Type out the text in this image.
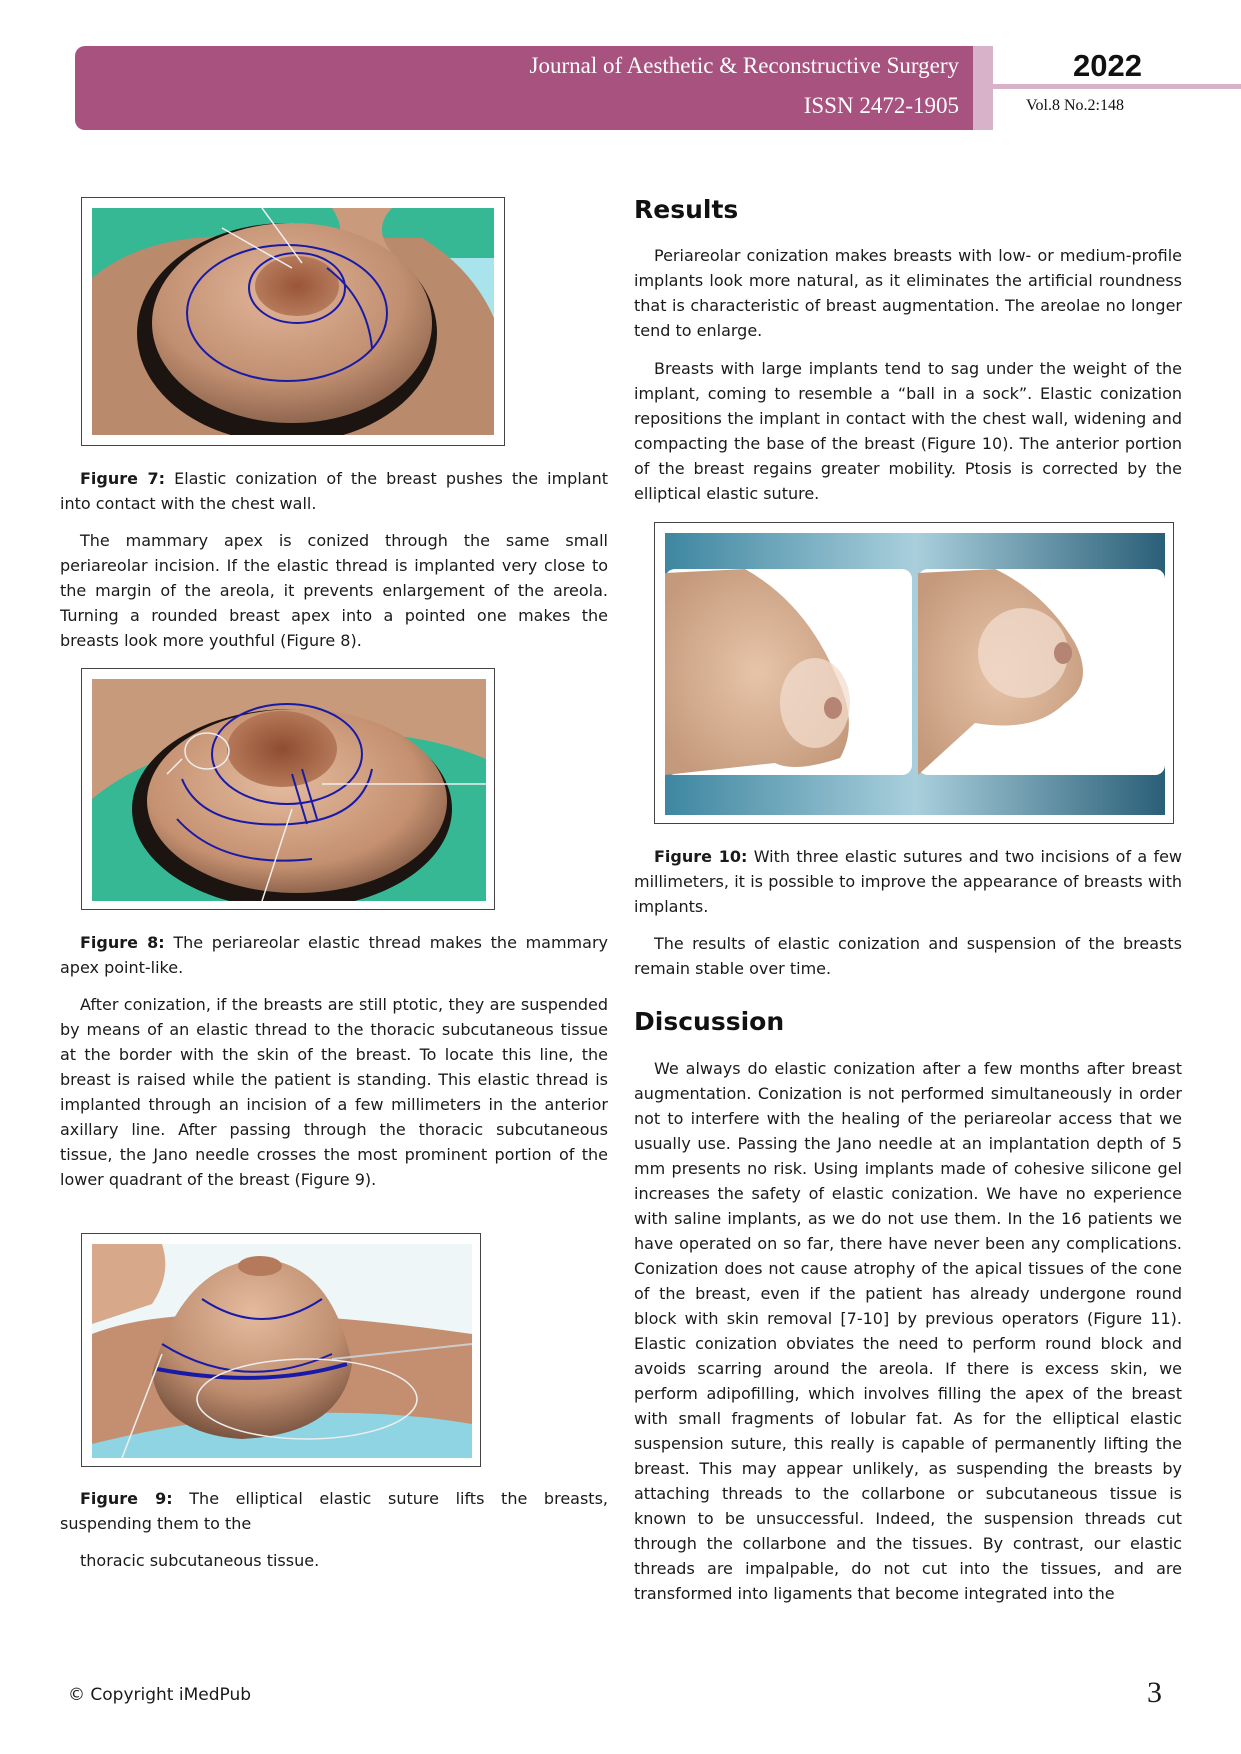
Journal of Aesthetic & Reconstructive Surgery
ISSN 2472-1905
2022
Vol.8 No.2:148

Figure 7: Elastic conization of the breast pushes the implant into contact with the chest wall.

The mammary apex is conized through the same small periareolar incision. If the elastic thread is implanted very close to the margin of the areola, it prevents enlargement of the areola. Turning a rounded breast apex into a pointed one makes the breasts look more youthful (Figure 8).

Figure 8: The periareolar elastic thread makes the mammary apex point-like.

After conization, if the breasts are still ptotic, they are suspended by means of an elastic thread to the thoracic subcutaneous tissue at the border with the skin of the breast. To locate this line, the breast is raised while the patient is standing. This elastic thread is implanted through an incision of a few millimeters in the anterior axillary line. After passing through the thoracic subcutaneous tissue, the Jano needle crosses the most prominent portion of the lower quadrant of the breast (Figure 9).

Figure 9: The elliptical elastic suture lifts the breasts, suspending them to the

thoracic subcutaneous tissue.

Results

Periareolar conization makes breasts with low- or medium-profile implants look more natural, as it eliminates the artificial roundness that is characteristic of breast augmentation. The areolae no longer tend to enlarge.

Breasts with large implants tend to sag under the weight of the implant, coming to resemble a “ball in a sock”. Elastic conization repositions the implant in contact with the chest wall, widening and compacting the base of the breast (Figure 10). The anterior portion of the breast regains greater mobility. Ptosis is corrected by the elliptical elastic suture.

Figure 10: With three elastic sutures and two incisions of a few millimeters, it is possible to improve the appearance of breasts with implants.

The results of elastic conization and suspension of the breasts remain stable over time.

Discussion

We always do elastic conization after a few months after breast augmentation. Conization is not performed simultaneously in order not to interfere with the healing of the periareolar access that we usually use. Passing the Jano needle at an implantation depth of 5 mm presents no risk. Using implants made of cohesive silicone gel increases the safety of elastic conization. We have no experience with saline implants, as we do not use them. In the 16 patients we have operated on so far, there have never been any complications. Conization does not cause atrophy of the apical tissues of the cone of the breast, even if the patient has already undergone round block with skin removal [7-10] by previous operators (Figure 11). Elastic conization obviates the need to perform round block and avoids scarring around the areola. If there is excess skin, we perform adipofilling, which involves filling the apex of the breast with small fragments of lobular fat. As for the elliptical elastic suspension suture, this really is capable of permanently lifting the breast. This may appear unlikely, as suspending the breasts by attaching threads to the collarbone or subcutaneous tissue is known to be unsuccessful. Indeed, the suspension threads cut through the collarbone and the tissues. By contrast, our elastic threads are impalpable, do not cut into the tissues, and are transformed into ligaments that become integrated into the

© Copyright iMedPub	3
